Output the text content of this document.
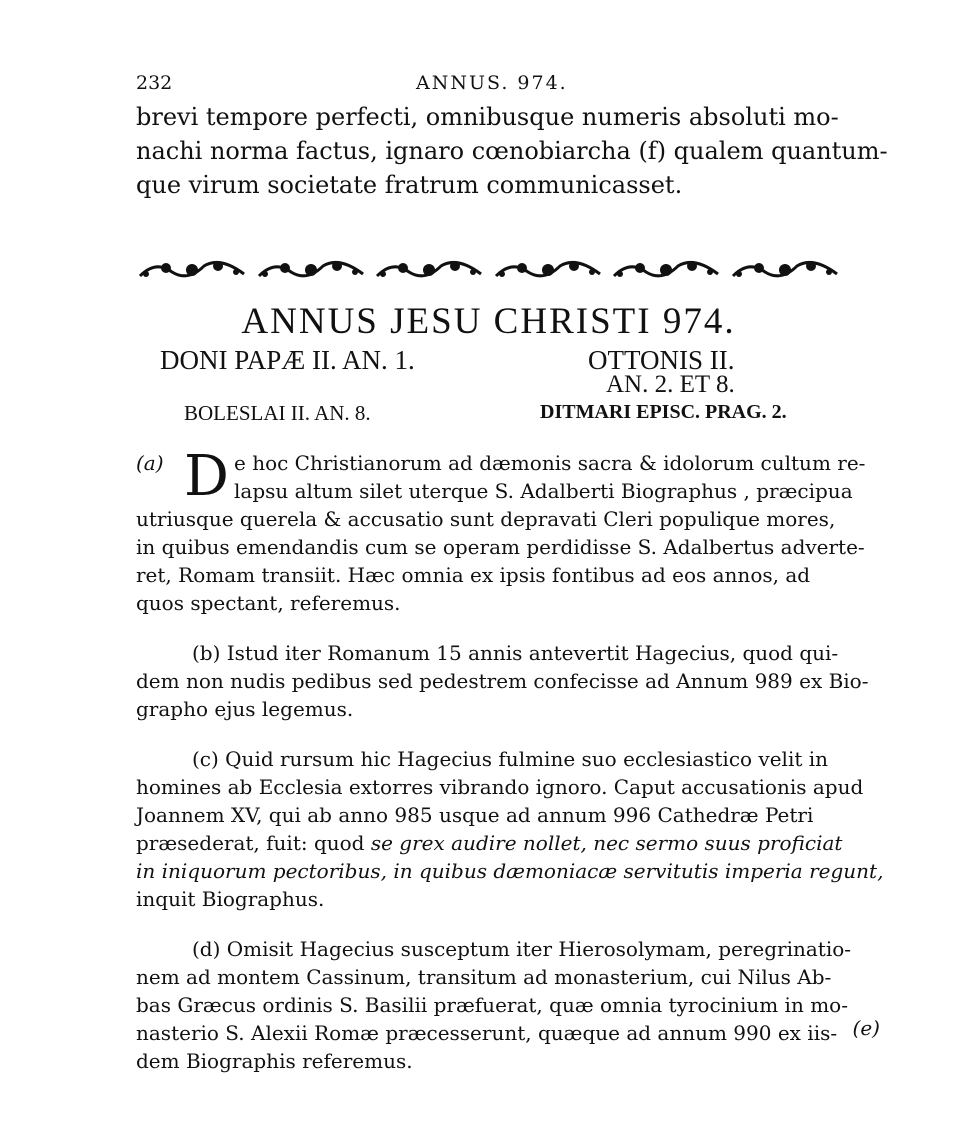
232	ANNUS. 974.

brevi tempore perfecti, omnibusque numeris absoluti mo-
nachi norma factus, ignaro cœnobiarcha (f) qualem quantum-
que virum societate fratrum communicasset.

ANNUS JESU CHRISTI 974.
DONI PAPÆ II. AN. 1.	OTTONIS II.
AN. 2. ET 8.
BOLESLAI II. AN. 8.	DITMARI EPISC. PRAG. 2.
D
(a)	e hoc Christianorum ad dæmonis sacra & idolorum cultum re-
lapsu altum silet uterque S. Adalberti Biographus , præcipua
utriusque querela & accusatio sunt depravati Cleri populique mores,
in quibus emendandis cum se operam perdidisse S. Adalbertus adverte-
ret, Romam transiit. Hæc omnia ex ipsis fontibus ad eos annos, ad
quos spectant, referemus.
(b) Istud iter Romanum 15 annis antevertit Hagecius, quod qui-
dem non nudis pedibus sed pedestrem confecisse ad Annum 989 ex Bio-
grapho ejus legemus.
(c) Quid rursum hic Hagecius fulmine suo ecclesiastico velit in
homines ab Ecclesia extorres vibrando ignoro. Caput accusationis apud
Joannem XV, qui ab anno 985 usque ad annum 996 Cathedræ Petri
præsederat, fuit: quod se grex audire nollet, nec sermo suus proficiat
in iniquorum pectoribus, in quibus dæmoniacæ servitutis imperia regunt,
inquit Biographus.
(d) Omisit Hagecius susceptum iter Hierosolymam, peregrinatio-
nem ad montem Cassinum, transitum ad monasterium, cui Nilus Ab-
bas Græcus ordinis S. Basilii præfuerat, quæ omnia tyrocinium in mo-
nasterio S. Alexii Romæ præcesserunt, quæque ad annum 990 ex iis-
dem Biographis referemus.
(e)
